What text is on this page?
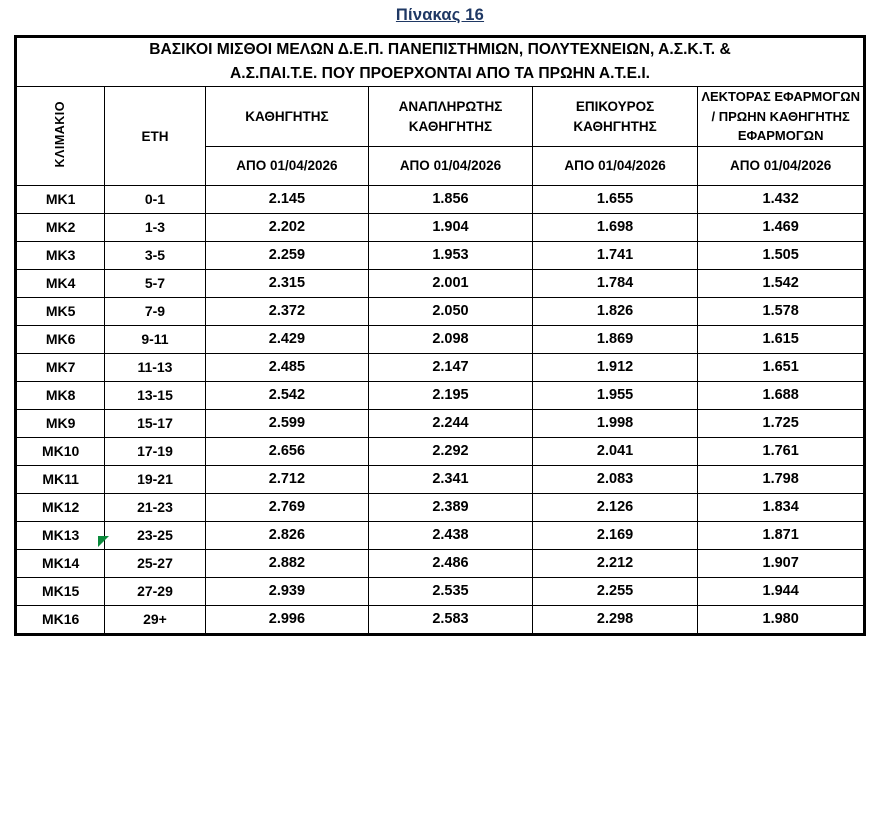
Πίνακας 16
ΒΑΣΙΚΟΙ ΜΙΣΘΟΙ ΜΕΛΩΝ Δ.Ε.Π. ΠΑΝΕΠΙΣΤΗΜΙΩΝ, ΠΟΛΥΤΕΧΝΕΙΩΝ, Α.Σ.Κ.Τ. &
Α.Σ.ΠΑΙ.Τ.Ε. ΠΟΥ ΠΡΟΕΡΧΟΝΤΑΙ ΑΠΟ ΤΑ ΠΡΩΗΝ Α.Τ.Ε.Ι.					
ΚΛΙΜΑΚΙΟ	ΕΤΗ	ΚΑΘΗΓΗΤΗΣ	ΑΝΑΠΛΗΡΩΤΗΣ ΚΑΘΗΓΗΤΗΣ	ΕΠΙΚΟΥΡΟΣ ΚΑΘΗΓΗΤΗΣ	ΛΕΚΤΟΡΑΣ ΕΦΑΡΜΟΓΩΝ / ΠΡΩΗΝ ΚΑΘΗΓΗΤΗΣ ΕΦΑΡΜΟΓΩΝ
		ΑΠΟ 01/04/2026	ΑΠΟ 01/04/2026	ΑΠΟ 01/04/2026	ΑΠΟ 01/04/2026
ΜΚ1	0-1	2.145	1.856	1.655	1.432
ΜΚ2	1-3	2.202	1.904	1.698	1.469
ΜΚ3	3-5	2.259	1.953	1.741	1.505
ΜΚ4	5-7	2.315	2.001	1.784	1.542
ΜΚ5	7-9	2.372	2.050	1.826	1.578
ΜΚ6	9-11	2.429	2.098	1.869	1.615
ΜΚ7	11-13	2.485	2.147	1.912	1.651
ΜΚ8	13-15	2.542	2.195	1.955	1.688
ΜΚ9	15-17	2.599	2.244	1.998	1.725
ΜΚ10	17-19	2.656	2.292	2.041	1.761
ΜΚ11	19-21	2.712	2.341	2.083	1.798
ΜΚ12	21-23	2.769	2.389	2.126	1.834
ΜΚ13	23-25	2.826	2.438	2.169	1.871
ΜΚ14	25-27	2.882	2.486	2.212	1.907
ΜΚ15	27-29	2.939	2.535	2.255	1.944
ΜΚ16	29+	2.996	2.583	2.298	1.980
